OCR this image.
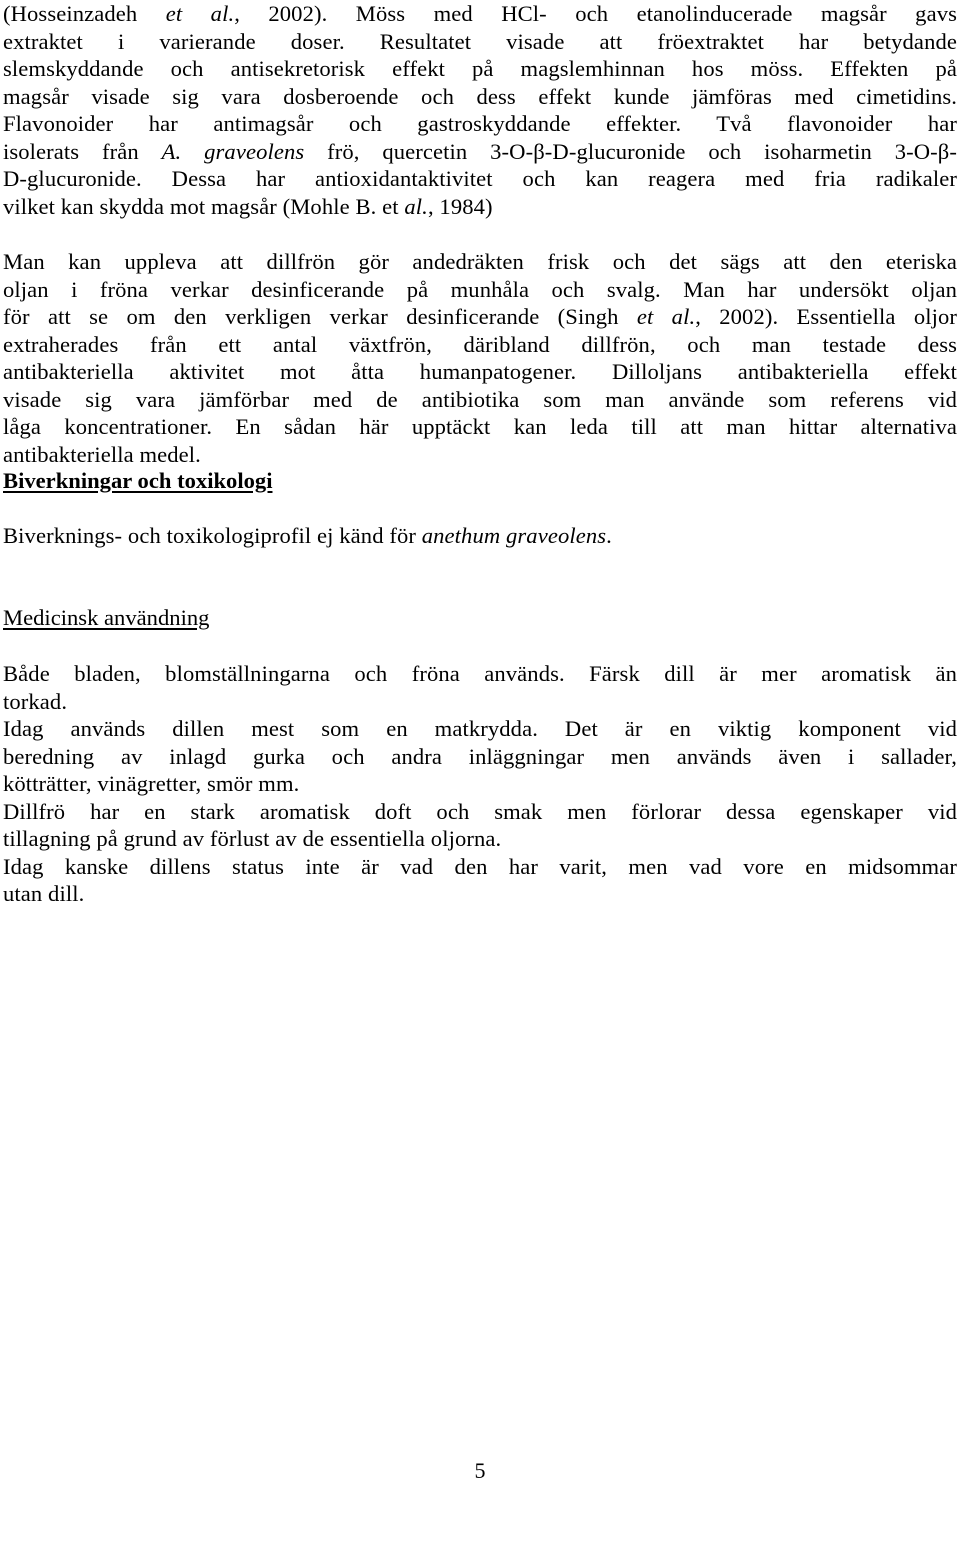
(Hosseinzadeh et al., 2002). Möss med HCl- och etanolinducerade magsår gavs
extraktet i varierande doser. Resultatet visade att fröextraktet har betydande
slemskyddande och antisekretorisk effekt på magslemhinnan hos möss. Effekten på
magsår visade sig vara dosberoende och dess effekt kunde jämföras med cimetidins.
Flavonoider har antimagsår och gastroskyddande effekter. Två flavonoider har
isolerats från A. graveolens frö, quercetin 3-O-β-D-glucuronide och isoharmetin 3-O-β-
D-glucuronide. Dessa har antioxidantaktivitet och kan reagera med fria radikaler
vilket kan skydda mot magsår (Mohle B. et al., 1984)
Man kan uppleva att dillfrön gör andedräkten frisk och det sägs att den eteriska
oljan i fröna verkar desinficerande på munhåla och svalg. Man har undersökt oljan
för att se om den verkligen verkar desinficerande (Singh et al., 2002). Essentiella oljor
extraherades från ett antal växtfrön, däribland dillfrön, och man testade dess
antibakteriella aktivitet mot åtta humanpatogener. Dilloljans antibakteriella effekt
visade sig vara jämförbar med de antibiotika som man använde som referens vid
låga koncentrationer. En sådan här upptäckt kan leda till att man hittar alternativa
antibakteriella medel.
Biverkningar och toxikologi
Biverknings- och toxikologiprofil ej känd för anethum graveolens.
Medicinsk användning
Både bladen, blomställningarna och fröna används. Färsk dill är mer aromatisk än
torkad.
Idag används dillen mest som en matkrydda. Det är en viktig komponent vid
beredning av inlagd gurka och andra inläggningar men används även i sallader,
kötträtter, vinägretter, smör mm.
Dillfrö har en stark aromatisk doft och smak men förlorar dessa egenskaper vid
tillagning på grund av förlust av de essentiella oljorna.
Idag kanske dillens status inte är vad den har varit, men vad vore en midsommar
utan dill.
5
